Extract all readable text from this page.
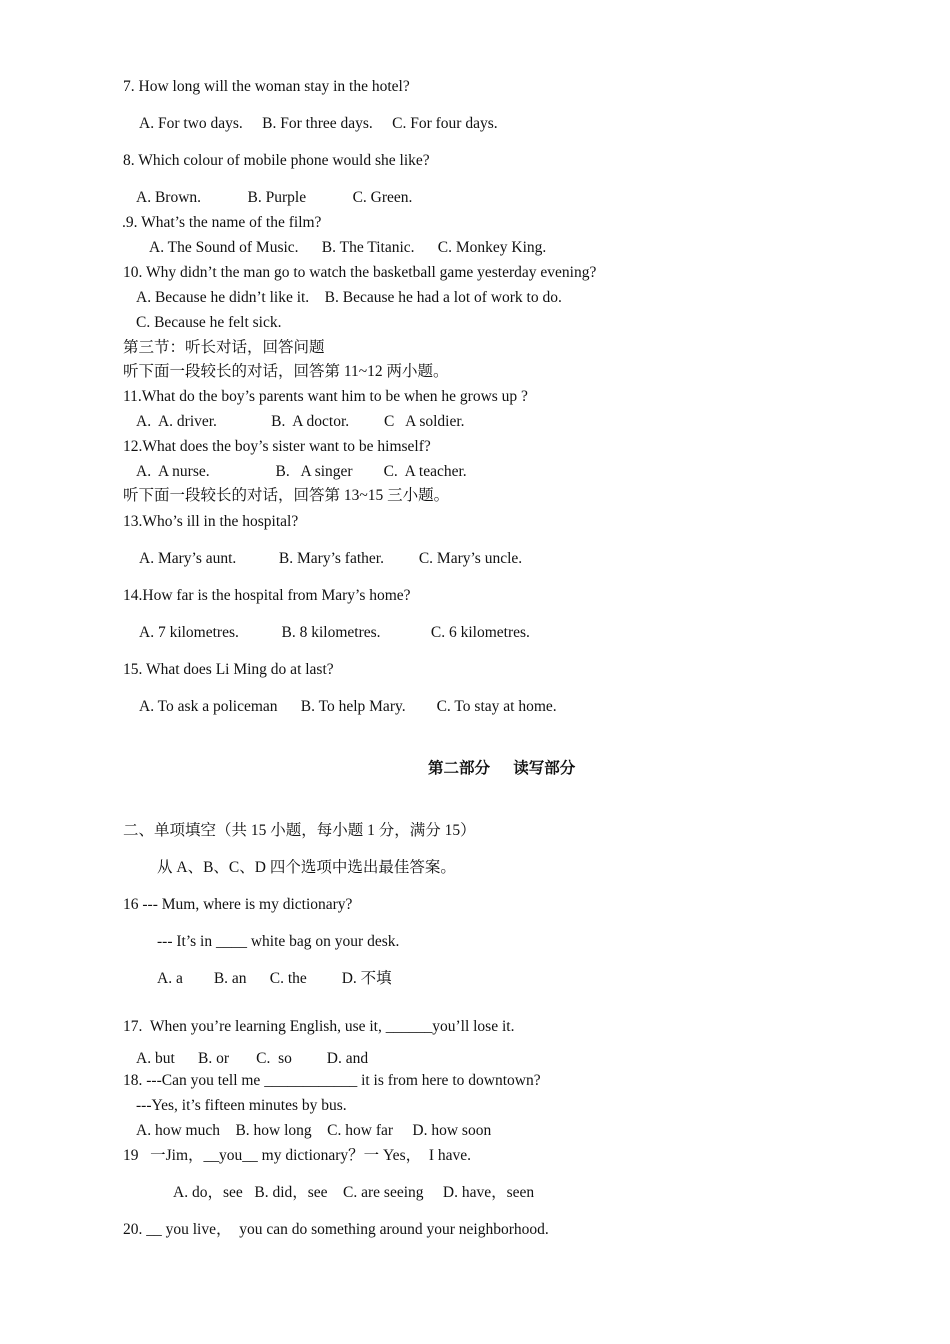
7. How long will the woman stay in the hotel?
A. For two days.     B. For three days.     C. For four days.
8. Which colour of mobile phone would she like?
A. Brown.            B. Purple            C. Green.
.9. What’s the name of the film?
A. The Sound of Music.      B. The Titanic.      C. Monkey King.
10. Why didn’t the man go to watch the basketball game yesterday evening?
A. Because he didn’t like it.    B. Because he had a lot of work to do.
C. Because he felt sick.
第三节：听长对话，回答问题
听下面一段较长的对话，回答第 11~12 两小题。
11.What do the boy’s parents want him to be when he grows up ?
A.  A. driver.              B.  A doctor.         C   A soldier.
12.What does the boy’s sister want to be himself?
A.  A nurse.                 B.   A singer        C.  A teacher.
听下面一段较长的对话，回答第 13~15 三小题。
13.Who’s ill in the hospital?
A. Mary’s aunt.           B. Mary’s father.         C. Mary’s uncle.
14.How far is the hospital from Mary’s home?
A. 7 kilometres.           B. 8 kilometres.             C. 6 kilometres.
15. What does Li Ming do at last?
A. To ask a policeman      B. To help Mary.        C. To stay at home.
第二部分      读写部分
二、单项填空（共 15 小题，每小题 1 分，满分 15）
从 A、B、C、D 四个选项中选出最佳答案。
16 --- Mum, where is my dictionary?
--- It’s in ____ white bag on your desk.
A. a        B. an      C. the         D. 不填
17.  When you’re learning English, use it, ______you’ll lose it.
A. but      B. or       C.  so         D. and
18. ---Can you tell me ____________ it is from here to downtown?
---Yes, it’s fifteen minutes by bus.
A. how much    B. how long    C. how far     D. how soon
19   一Jim，__you__ my dictionary？一 Yes，  I have.
A. do，see   B. did，see    C. are seeing     D. have，seen
20. __ you live，  you can do something around your neighborhood.
